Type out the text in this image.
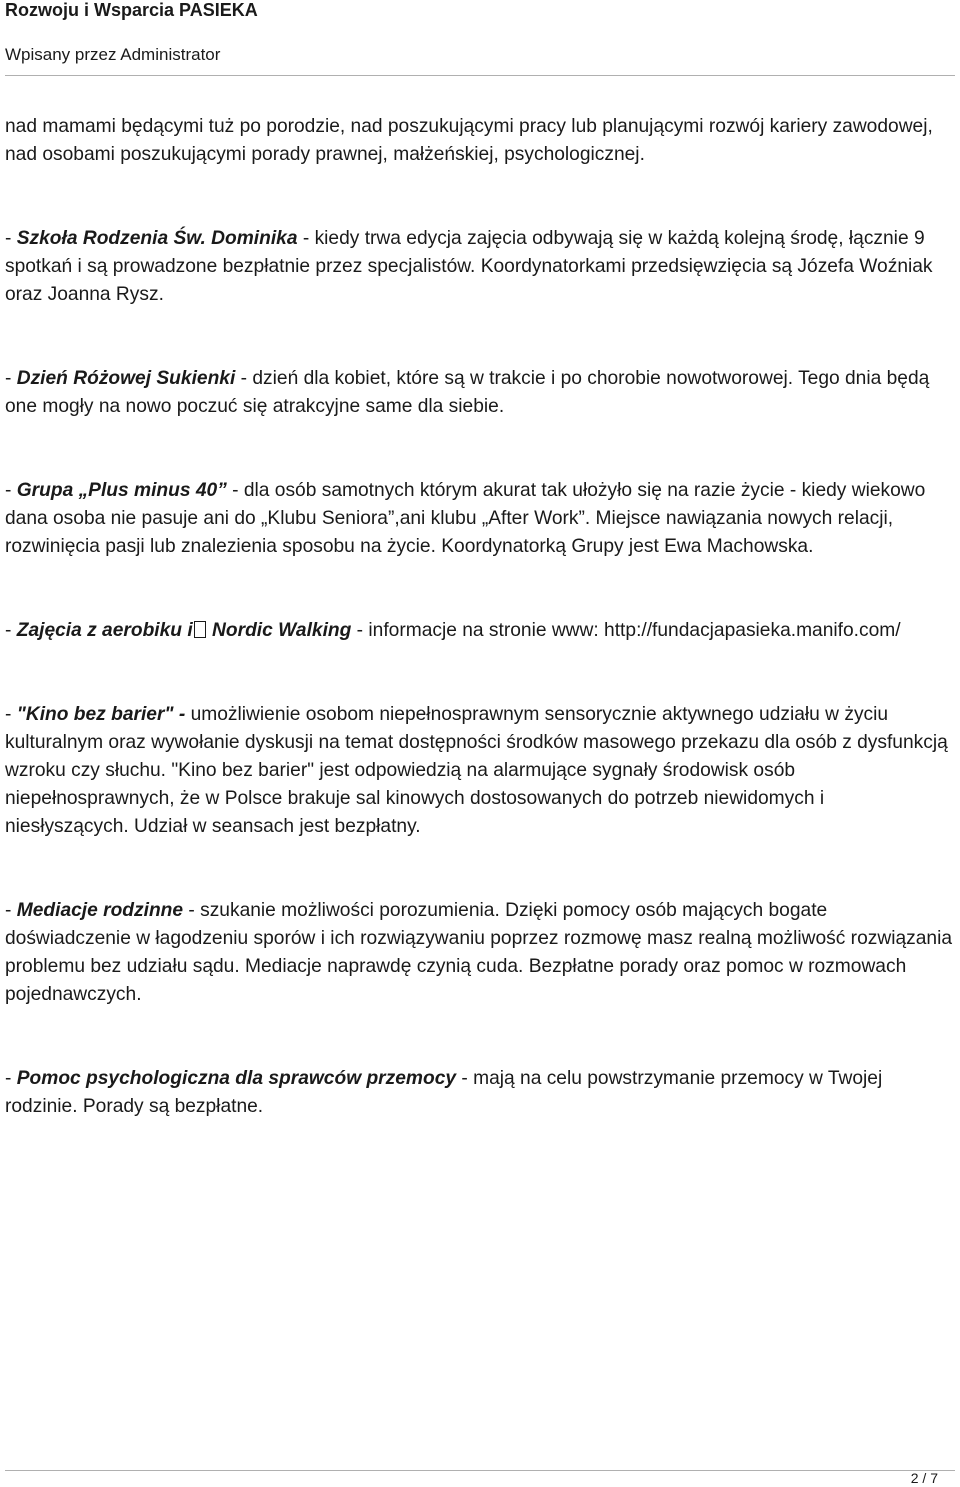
Rozwoju i Wsparcia PASIEKA
Wpisany przez Administrator

nad mamami będącymi tuż po porodzie, nad poszukującymi pracy lub planującymi rozwój kariery zawodowej, nad osobami poszukującymi porady prawnej, małżeńskiej, psychologicznej.

- Szkoła Rodzenia Św. Dominika - kiedy trwa edycja zajęcia odbywają się w każdą kolejną środę, łącznie 9 spotkań i są prowadzone bezpłatnie przez specjalistów. Koordynatorkami przedsięwzięcia są Józefa Woźniak oraz Joanna Rysz.

- Dzień Różowej Sukienki - dzień dla kobiet, które są w trakcie i po chorobie nowotworowej. Tego dnia będą one mogły na nowo poczuć się atrakcyjne same dla siebie.

- Grupa „Plus minus 40” - dla osób samotnych którym akurat tak ułożyło się na razie życie - kiedy wiekowo dana osoba nie pasuje ani do „Klubu Seniora”,ani klubu „After Work”. Miejsce nawiązania nowych relacji, rozwinięcia pasji lub znalezienia sposobu na życie. Koordynatorką Grupy jest Ewa Machowska.

- Zajęcia z aerobiku i Nordic Walking - informacje na stronie www: http://fundacjapasieka.manifo.com/

- "Kino bez barier" - umożliwienie osobom niepełnosprawnym sensorycznie aktywnego udziału w życiu kulturalnym oraz wywołanie dyskusji na temat dostępności środków masowego przekazu dla osób z dysfunkcją wzroku czy słuchu. "Kino bez barier" jest odpowiedzią na alarmujące sygnały środowisk osób niepełnosprawnych, że w Polsce brakuje sal kinowych dostosowanych do potrzeb niewidomych i niesłyszących. Udział w seansach jest bezpłatny.

- Mediacje rodzinne - szukanie możliwości porozumienia. Dzięki pomocy osób mających bogate doświadczenie w łagodzeniu sporów i ich rozwiązywaniu poprzez rozmowę masz realną możliwość rozwiązania problemu bez udziału sądu. Mediacje naprawdę czynią cuda. Bezpłatne porady oraz pomoc w rozmowach pojednawczych.

- Pomoc psychologiczna dla sprawców przemocy - mają na celu powstrzymanie przemocy w Twojej rodzinie. Porady są bezpłatne.

2 / 7
